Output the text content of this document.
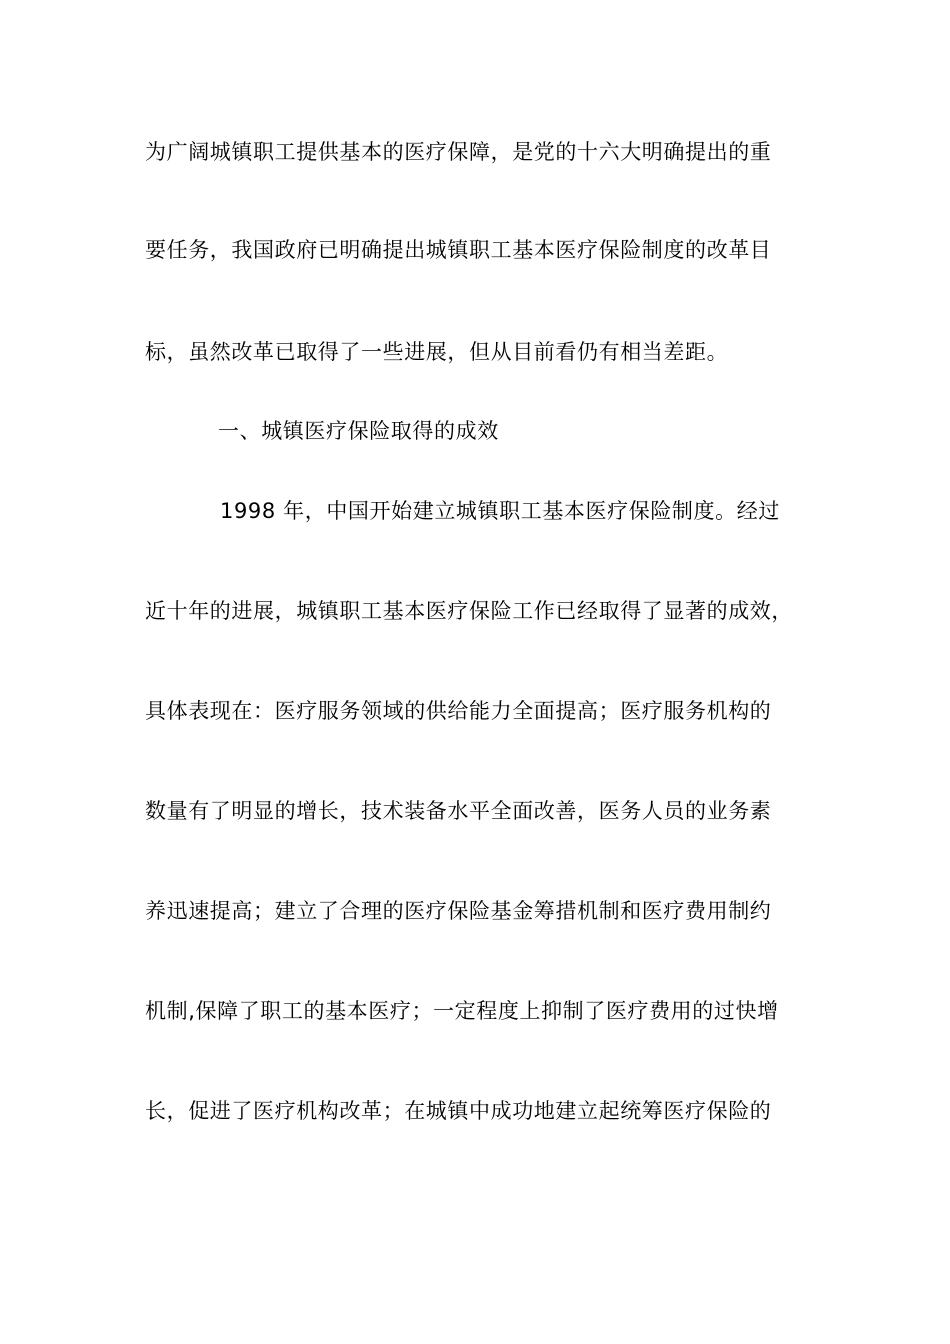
为广阔城镇职工提供基本的医疗保障，是党的十六大明确提出的重
要任务，我国政府已明确提出城镇职工基本医疗保险制度的改革目
标，虽然改革已取得了一些进展，但从目前看仍有相当差距。
一、城镇医疗保险取得的成效
1998 年，中国开始建立城镇职工基本医疗保险制度。经过
近十年的进展，城镇职工基本医疗保险工作已经取得了显著的成效，
具体表现在：医疗服务领域的供给能力全面提高；医疗服务机构的
数量有了明显的增长，技术装备水平全面改善，医务人员的业务素
养迅速提高；建立了合理的医疗保险基金筹措机制和医疗费用制约
机制,保障了职工的基本医疗；一定程度上抑制了医疗费用的过快增
长，促进了医疗机构改革；在城镇中成功地建立起统筹医疗保险的
